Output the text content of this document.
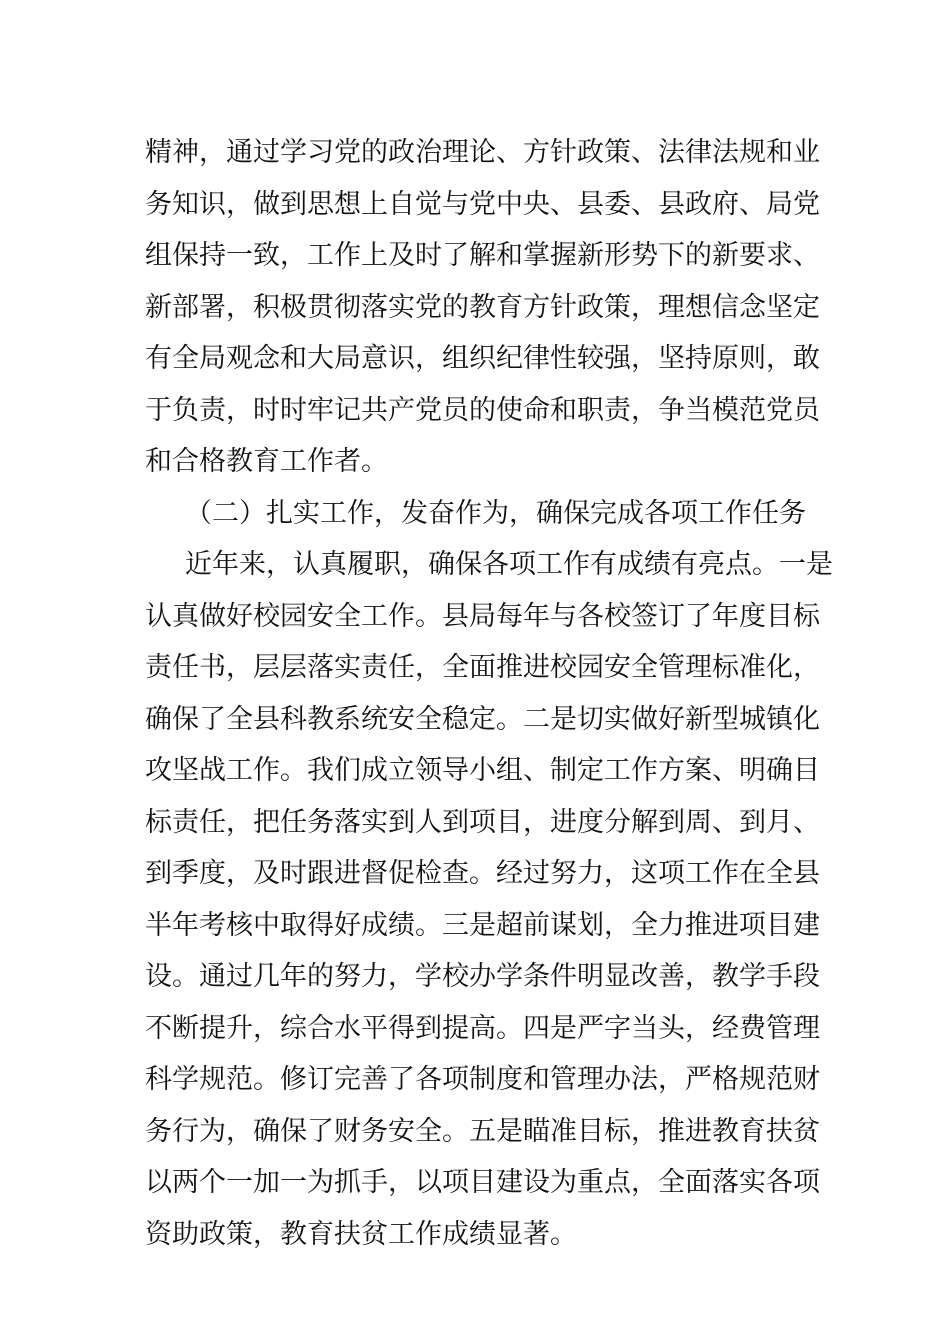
精神，通过学习党的政治理论、方针政策、法律法规和业
务知识，做到思想上自觉与党中央、县委、县政府、局党
组保持一致，工作上及时了解和掌握新形势下的新要求、
新部署，积极贯彻落实党的教育方针政策，理想信念坚定
有全局观念和大局意识，组织纪律性较强，坚持原则，敢
于负责，时时牢记共产党员的使命和职责，争当模范党员
和合格教育工作者。
（二）扎实工作，发奋作为，确保完成各项工作任务
近年来，认真履职，确保各项工作有成绩有亮点。一是
认真做好校园安全工作。县局每年与各校签订了年度目标
责任书，层层落实责任，全面推进校园安全管理标准化，
确保了全县科教系统安全稳定。二是切实做好新型城镇化
攻坚战工作。我们成立领导小组、制定工作方案、明确目
标责任，把任务落实到人到项目，进度分解到周、到月、
到季度，及时跟进督促检查。经过努力，这项工作在全县
半年考核中取得好成绩。三是超前谋划，全力推进项目建
设。通过几年的努力，学校办学条件明显改善，教学手段
不断提升，综合水平得到提高。四是严字当头，经费管理
科学规范。修订完善了各项制度和管理办法，严格规范财
务行为，确保了财务安全。五是瞄准目标，推进教育扶贫
以两个一加一为抓手，以项目建设为重点，全面落实各项
资助政策，教育扶贫工作成绩显著。
